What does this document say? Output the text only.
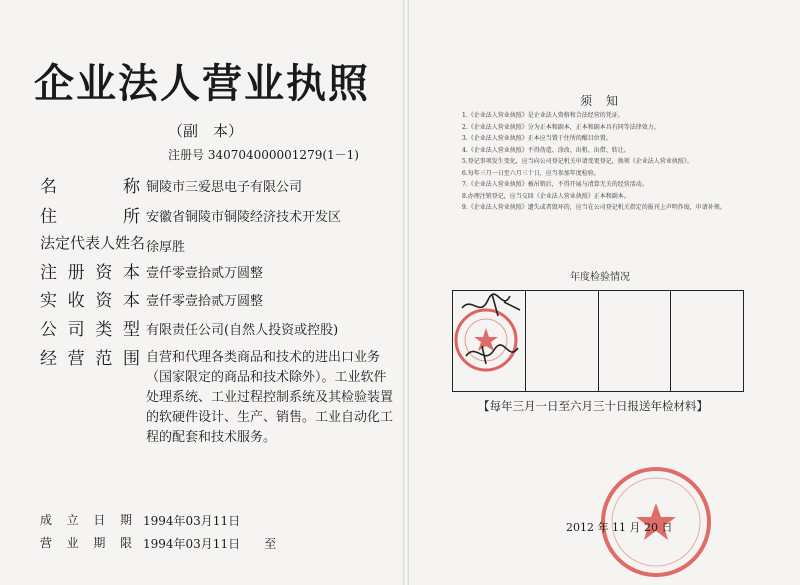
企业法人营业执照
（副　本）
注册号 340704000001279(1－1)
名	称 铜陵市三爱思电子有限公司
住	所 安徽省铜陵市铜陵经济技术开发区
法定代表人姓名 徐厚胜
注 册 资 本 壹仟零壹拾贰万圆整
实 收 资 本 壹仟零壹拾贰万圆整
公 司 类 型 有限责任公司(自然人投资或控股)
经 营 范 围 自营和代理各类商品和技术的进出口业务（国家限定的商品和技术除外）。工业软件处理系统、工业过程控制系统及其检验装置的软硬件设计、生产、销售。工业自动化工程的配套和技术服务。
成 立 日 期 1994年03月11日
营 业 期 限 1994年03月11日　　至
须知
1.《企业法人营业执照》是企业法人资格和合法经营的凭证。
2.《企业法人营业执照》分为正本和副本，正本和副本具有同等法律效力。
3.《企业法人营业执照》正本应当置于住所的醒目位置。
4.《企业法人营业执照》不得伪造、涂改、出租、出借、转让。
5.登记事项发生变化，应当向公司登记机关申请变更登记，换领《企业法人营业执照》。
6.每年三月一日至六月三十日，应当参加年度检验。
7.《企业法人营业执照》被吊销后，不得开展与清算无关的经营活动。
8.办理注销登记，应当交回《企业法人营业执照》正本和副本。
9.《企业法人营业执照》遗失或者毁坏的，应当在公司登记机关指定的报刊上声明作废，申请补领。
年度检验情况

【每年三月一日至六月三十日报送年检材料】
2012 年 11 月 20 日
